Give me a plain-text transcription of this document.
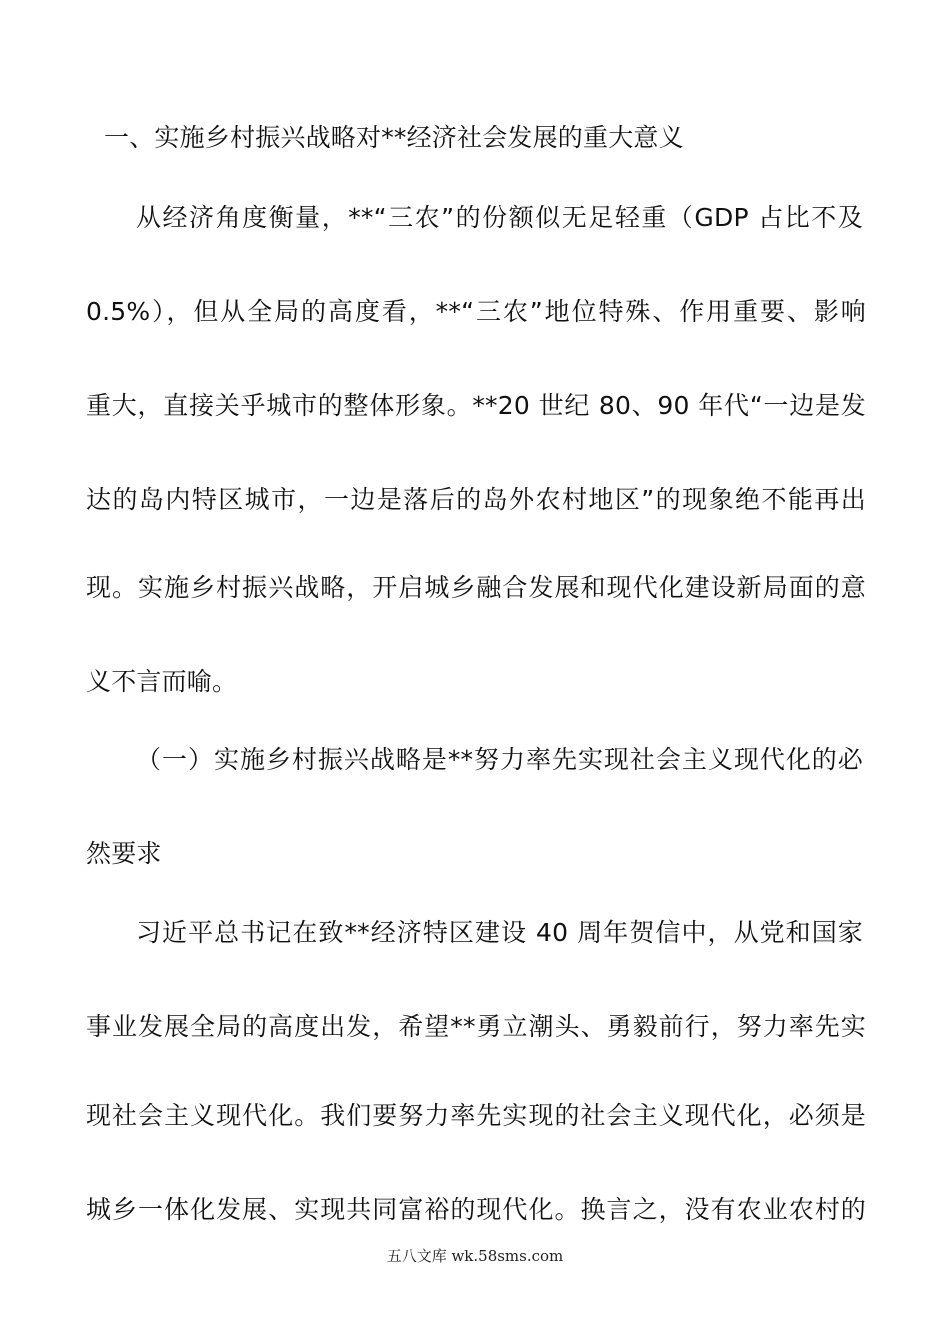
一、实施乡村振兴战略对**经济社会发展的重大意义
从经济角度衡量，**“三农”的份额似无足轻重（GDP 占比不及
0.5%），但从全局的高度看，**“三农”地位特殊、作用重要、影响
重大，直接关乎城市的整体形象。**20 世纪 80、90 年代“一边是发
达的岛内特区城市，一边是落后的岛外农村地区”的现象绝不能再出
现。实施乡村振兴战略，开启城乡融合发展和现代化建设新局面的意
义不言而喻。
（一）实施乡村振兴战略是**努力率先实现社会主义现代化的必
然要求
习近平总书记在致**经济特区建设 40 周年贺信中，从党和国家
事业发展全局的高度出发，希望**勇立潮头、勇毅前行，努力率先实
现社会主义现代化。我们要努力率先实现的社会主义现代化，必须是
城乡一体化发展、实现共同富裕的现代化。换言之，没有农业农村的
五八文库 wk.58sms.com
